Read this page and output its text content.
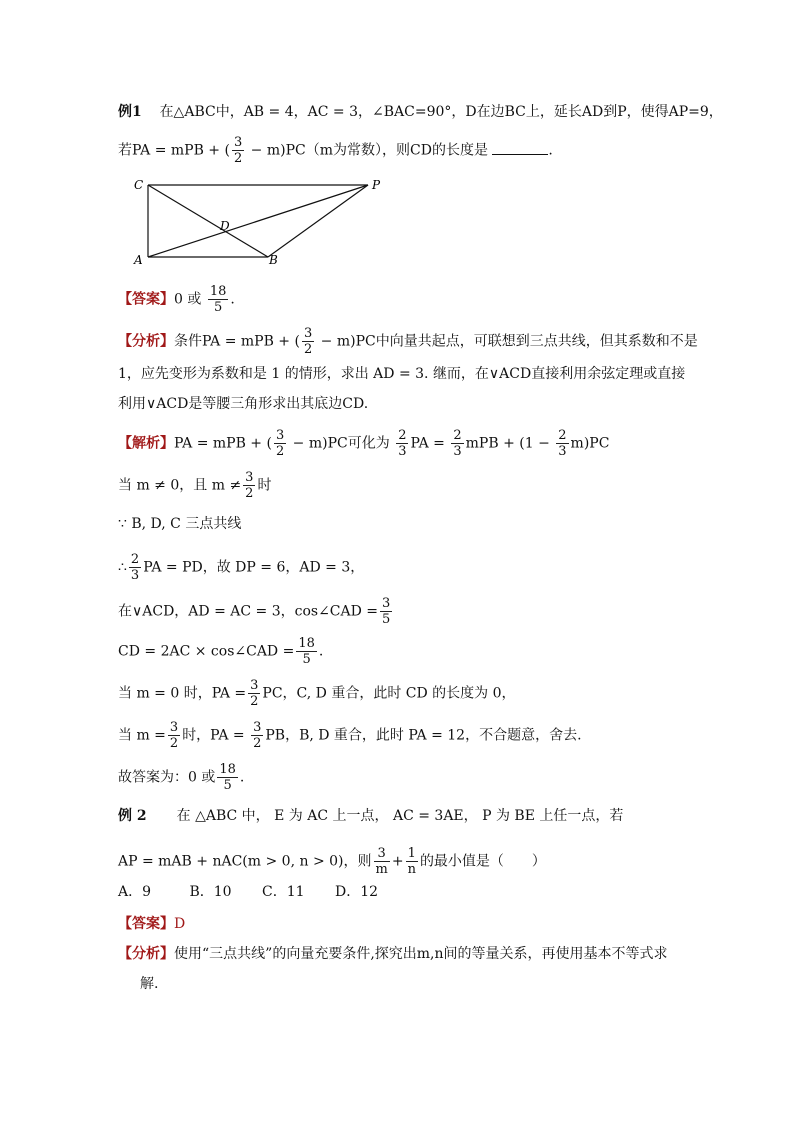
例1 在△ABC中，AB = 4，AC = 3，∠BAC=90°，D在边BC上，延长AD到P，使得AP=9，
若PA = mPB + ( $\frac{3}{2} - m)PC(m$为常数），则CD的长度是	.
C	P
D
A	B
【答案】0 或 $\frac{18}{5}$ .
【分析】条件PA = mPB + ( $\frac{3}{2} - m)PC$中向量共起点，可联想到三点共线，但其系数和不是
1，应先变形为系数和是 1 的情形，求出 AD = 3. 继而，在∨ACD直接利用余弦定理或直接
利用∨ACD是等腰三角形求出其底边CD.
【解析】PA = mPB + ( $\frac{3}{2} - m)PC$可化为 $\frac{2}{3}$ PA = $\frac{2}{3}$ mPB + $(1 - \frac{2}{3} m)PC$
当 m ≠ 0，且 $m \ne \frac{3}{2}$ 时
∵ B, D, C 三点共线
∴ $\frac{2}{3}$ PA = PD，故 DP = 6，AD = 3，
在∨ACD，AD = AC = 3，cos∠CAD = $\frac{3}{5}$
CD = 2AC × cos∠CAD = $\frac{18}{5}$ .
当 m = 0 时，PA = $\frac{3}{2}$ PC，C, D 重合，此时 CD 的长度为 0，
当 $m = \frac{3}{2}$ 时，PA = $\frac{3}{2}$ PB，B, D 重合，此时 PA = 12，不合题意，舍去.
故答案为：0 或 $\frac{18}{5}$ .
例 2 在 △ABC 中， E 为 AC 上一点， AC = 3AE， P 为 BE 上任一点，若
AP = mAB + nAC(m > 0, n > 0)，则 $\frac{3}{m} + \frac{1}{n}$ 的最小值是（　　）
A．9	B．10 C．11 D．12
【答案】D
【分析】使用“三点共线”的向量充要条件,探究出m,n间的等量关系，再使用基本不等式求
解.
